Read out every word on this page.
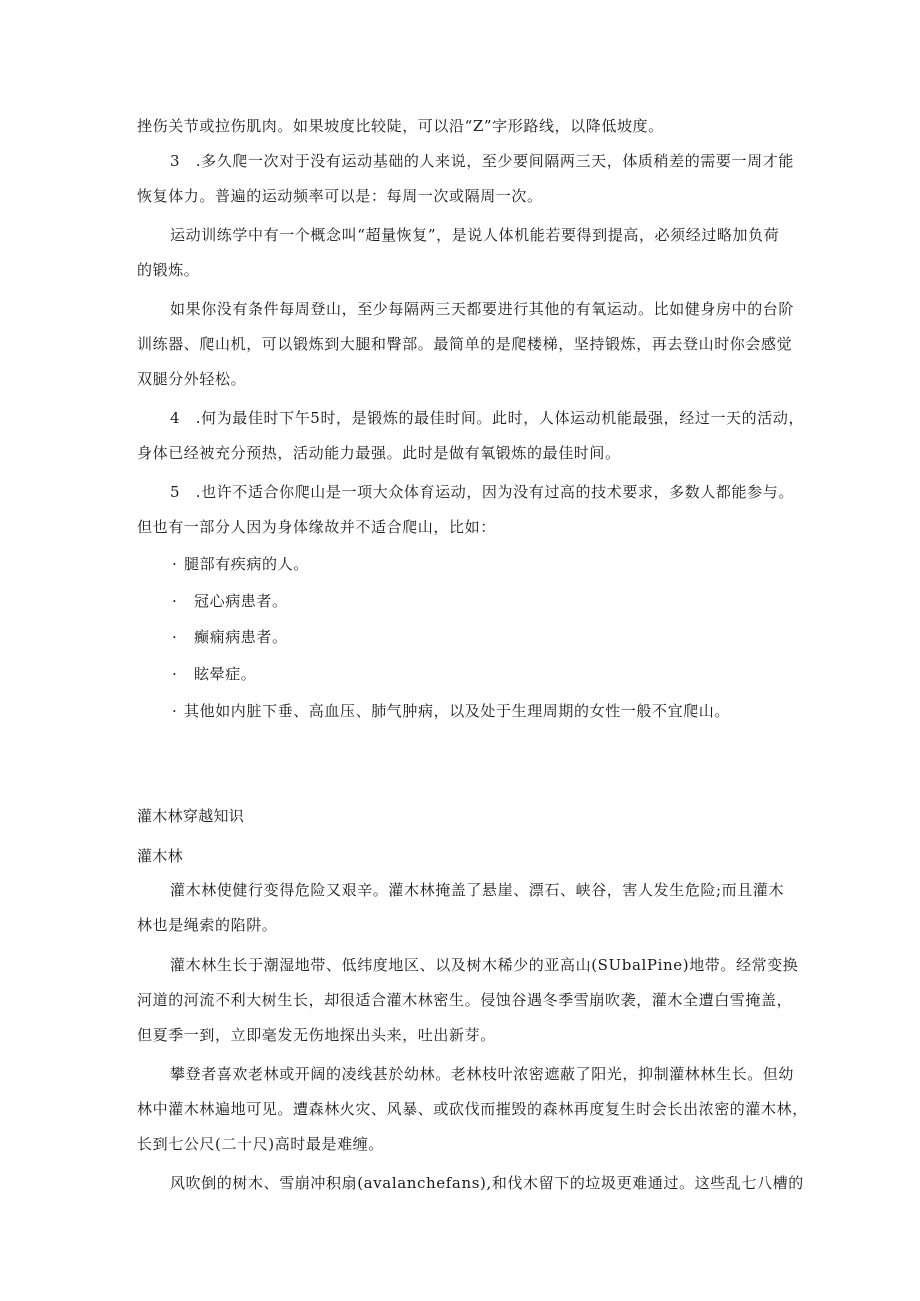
挫伤关节或拉伤肌肉。如果坡度比较陡，可以沿“Z”字形路线，以降低坡度。
3　.多久爬一次对于没有运动基础的人来说，至少要间隔两三天，体质稍差的需要一周才能
恢复体力。普遍的运动频率可以是：每周一次或隔周一次。
运动训练学中有一个概念叫“超量恢复”，是说人体机能若要得到提高，必须经过略加负荷
的锻炼。
如果你没有条件每周登山，至少每隔两三天都要进行其他的有氧运动。比如健身房中的台阶
训练器、爬山机，可以锻炼到大腿和臀部。最简单的是爬楼梯，坚持锻炼，再去登山时你会感觉
双腿分外轻松。
4　.何为最佳时下午5时，是锻炼的最佳时间。此时，人体运动机能最强，经过一天的活动，
身体已经被充分预热，活动能力最强。此时是做有氧锻炼的最佳时间。
5　.也许不适合你爬山是一项大众体育运动，因为没有过高的技术要求，多数人都能参与。
但也有一部分人因为身体缘故并不适合爬山，比如：
· 腿部有疾病的人。
· 冠心病患者。
· 癫痫病患者。
· 眩晕症。
· 其他如内脏下垂、高血压、肺气肿病，以及处于生理周期的女性一般不宜爬山。
灌木林穿越知识
灌木林
灌木林使健行变得危险又艰辛。灌木林掩盖了悬崖、漂石、峡谷，害人发生危险;而且灌木
林也是绳索的陷阱。
灌木林生长于潮湿地带、低纬度地区、以及树木稀少的亚高山(SUbalPine)地带。经常变换
河道的河流不利大树生长，却很适合灌木林密生。侵蚀谷遇冬季雪崩吹袭，灌木全遭白雪掩盖，
但夏季一到，立即毫发无伤地探出头来，吐出新芽。
攀登者喜欢老林或开阔的凌线甚於幼林。老林枝叶浓密遮蔽了阳光，抑制灌林林生长。但幼
林中灌木林遍地可见。遭森林火灾、风暴、或砍伐而摧毁的森林再度复生时会长出浓密的灌木林，
长到七公尺(二十尺)高时最是难缠。
风吹倒的树木、雪崩冲积扇(avalanchefans),和伐木留下的垃圾更难通过。这些乱七八槽的
